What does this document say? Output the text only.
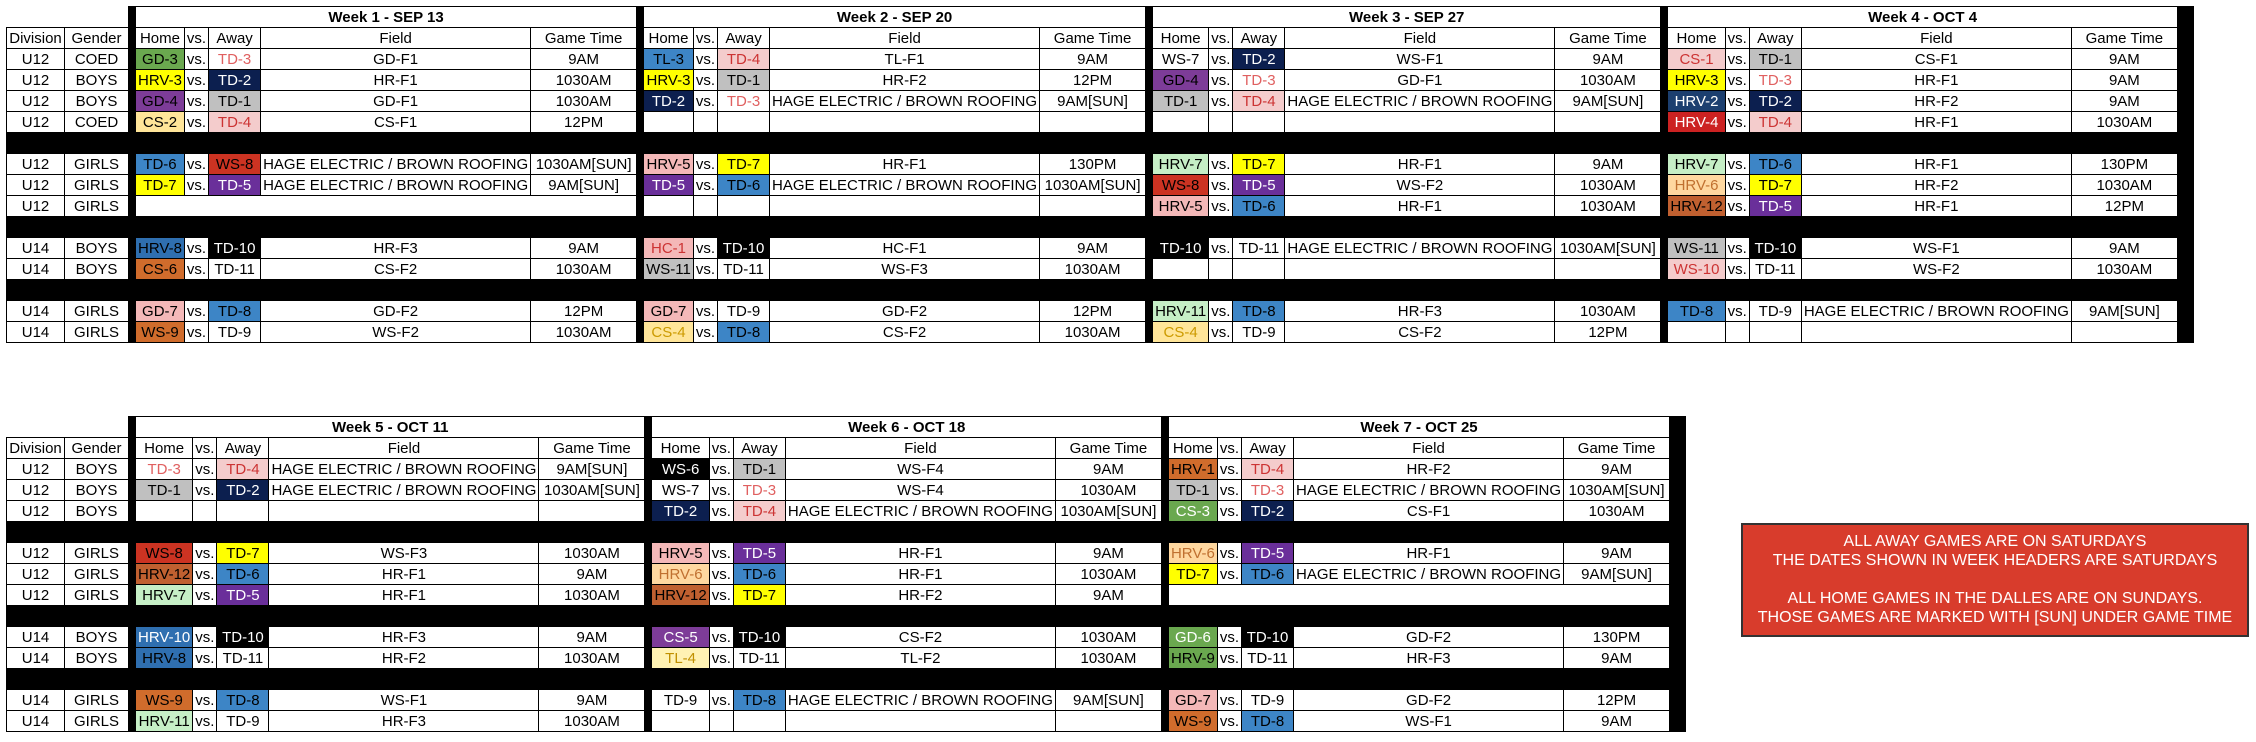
			Week 1 - SEP 13						Week 2 - SEP 20						Week 3 - SEP 27						Week 4 - OCT 4					
Division	Gender		Home	vs.	Away	Field	Game Time		Home	vs.	Away	Field	Game Time		Home	vs.	Away	Field	Game Time		Home	vs.	Away	Field	Game Time	
U12	COED		GD-3	vs.	TD-3	GD-F1	9AM		TL-3	vs.	TD-4	TL-F1	9AM		WS-7	vs.	TD-2	WS-F1	9AM		CS-1	vs.	TD-1	CS-F1	9AM	
U12	BOYS		HRV-3	vs.	TD-2	HR-F1	1030AM		HRV-3	vs.	TD-1	HR-F2	12PM		GD-4	vs.	TD-3	GD-F1	1030AM		HRV-3	vs.	TD-3	HR-F1	9AM	
U12	BOYS		GD-4	vs.	TD-1	GD-F1	1030AM		TD-2	vs.	TD-3	HAGE ELECTRIC / BROWN ROOFING	9AM[SUN]		TD-1	vs.	TD-4	HAGE ELECTRIC / BROWN ROOFING	9AM[SUN]		HRV-2	vs.	TD-2	HR-F2	9AM	
U12	COED		CS-2	vs.	TD-4	CS-F1	12PM														HRV-4	vs.	TD-4	HR-F1	1030AM	

U12	GIRLS		TD-6	vs.	WS-8	HAGE ELECTRIC / BROWN ROOFING	1030AM[SUN]		HRV-5	vs.	TD-7	HR-F1	130PM		HRV-7	vs.	TD-7	HR-F1	9AM		HRV-7	vs.	TD-6	HR-F1	130PM	
U12	GIRLS		TD-7	vs.	TD-5	HAGE ELECTRIC / BROWN ROOFING	9AM[SUN]		TD-5	vs.	TD-6	HAGE ELECTRIC / BROWN ROOFING	1030AM[SUN]		WS-8	vs.	TD-5	WS-F2	1030AM		HRV-6	vs.	TD-7	HR-F2	1030AM	
U12	GIRLS														HRV-5	vs.	TD-6	HR-F1	1030AM		HRV-12	vs.	TD-5	HR-F1	12PM	

U14	BOYS		HRV-8	vs.	TD-10	HR-F3	9AM		HC-1	vs.	TD-10	HC-F1	9AM		TD-10	vs.	TD-11	HAGE ELECTRIC / BROWN ROOFING	1030AM[SUN]		WS-11	vs.	TD-10	WS-F1	9AM	
U14	BOYS		CS-6	vs.	TD-11	CS-F2	1030AM		WS-11	vs.	TD-11	WS-F3	1030AM								WS-10	vs.	TD-11	WS-F2	1030AM	

U14	GIRLS		GD-7	vs.	TD-8	GD-F2	12PM		GD-7	vs.	TD-9	GD-F2	12PM		HRV-11	vs.	TD-8	HR-F3	1030AM		TD-8	vs.	TD-9	HAGE ELECTRIC / BROWN ROOFING	9AM[SUN]	
U14	GIRLS		WS-9	vs.	TD-9	WS-F2	1030AM		CS-4	vs.	TD-8	CS-F2	1030AM		CS-4	vs.	TD-9	CS-F2	12PM							
			Week 5 - OCT 11						Week 6 - OCT 18						Week 7 - OCT 25					
Division	Gender		Home	vs.	Away	Field	Game Time		Home	vs.	Away	Field	Game Time		Home	vs.	Away	Field	Game Time	
U12	BOYS		TD-3	vs.	TD-4	HAGE ELECTRIC / BROWN ROOFING	9AM[SUN]		WS-6	vs.	TD-1	WS-F4	9AM		HRV-1	vs.	TD-4	HR-F2	9AM	
U12	BOYS		TD-1	vs.	TD-2	HAGE ELECTRIC / BROWN ROOFING	1030AM[SUN]		WS-7	vs.	TD-3	WS-F4	1030AM		TD-1	vs.	TD-3	HAGE ELECTRIC / BROWN ROOFING	1030AM[SUN]	
U12	BOYS								TD-2	vs.	TD-4	HAGE ELECTRIC / BROWN ROOFING	1030AM[SUN]		CS-3	vs.	TD-2	CS-F1	1030AM	

U12	GIRLS		WS-8	vs.	TD-7	WS-F3	1030AM		HRV-5	vs.	TD-5	HR-F1	9AM		HRV-6	vs.	TD-5	HR-F1	9AM	
U12	GIRLS		HRV-12	vs.	TD-6	HR-F1	9AM		HRV-6	vs.	TD-6	HR-F1	1030AM		TD-7	vs.	TD-6	HAGE ELECTRIC / BROWN ROOFING	9AM[SUN]	
U12	GIRLS		HRV-7	vs.	TD-5	HR-F1	1030AM		HRV-12	vs.	TD-7	HR-F2	9AM							

U14	BOYS		HRV-10	vs.	TD-10	HR-F3	9AM		CS-5	vs.	TD-10	CS-F2	1030AM		GD-6	vs.	TD-10	GD-F2	130PM	
U14	BOYS		HRV-8	vs.	TD-11	HR-F2	1030AM		TL-4	vs.	TD-11	TL-F2	1030AM		HRV-9	vs.	TD-11	HR-F3	9AM	

U14	GIRLS		WS-9	vs.	TD-8	WS-F1	9AM		TD-9	vs.	TD-8	HAGE ELECTRIC / BROWN ROOFING	9AM[SUN]		GD-7	vs.	TD-9	GD-F2	12PM	
U14	GIRLS		HRV-11	vs.	TD-9	HR-F3	1030AM								WS-9	vs.	TD-8	WS-F1	9AM	
ALL AWAY GAMES ARE ON SATURDAYS
THE DATES SHOWN IN WEEK HEADERS ARE SATURDAYS
ALL HOME GAMES IN THE DALLES ARE ON SUNDAYS.
THOSE GAMES ARE MARKED WITH [SUN] UNDER GAME TIME
